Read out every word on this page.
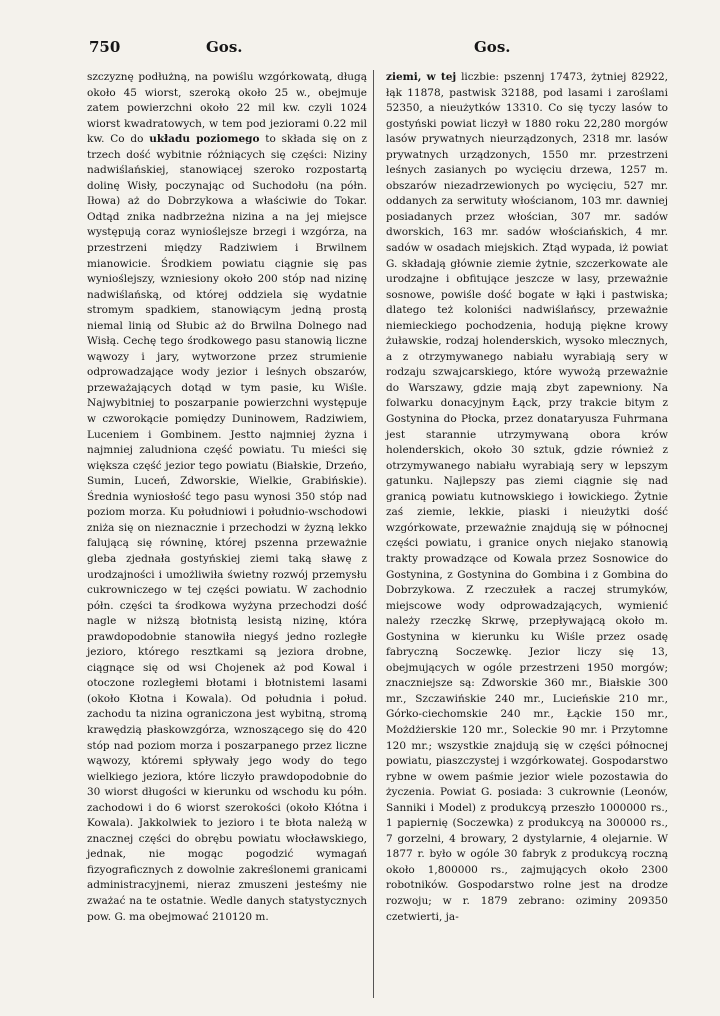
750	Gos.	Gos.

szczyznę podłużną, na powiślu wzgórkowatą, długą około 45 wiorst, szeroką około 25 w., obejmuje zatem powierzchni około 22 mil kw. czyli 1024 wiorst kwadratowych, w tem pod jeziorami 0.22 mil kw. Co do układu poziomego to składa się on z trzech dość wybitnie różniących się części: Niziny nadwiślańskiej, stanowiącej szeroko rozpostartą dolinę Wisły, poczynając od Suchodołu (na półn. Iłowa) aż do Dobrzykowa a właściwie do Tokar. Odtąd znika nadbrzeżna nizina a na jej miejsce występują coraz wynioślejsze brzegi i wzgórza, na przestrzeni między Radziwiem i Brwilnem mianowicie. Środkiem powiatu ciągnie się pas wynioślejszy, wzniesiony około 200 stóp nad nizinę nadwiślańską, od której oddziela się wydatnie stromym spadkiem, stanowiącym jedną prostą niemal linią od Słubic aż do Brwilna Dolnego nad Wisłą. Cechę tego środkowego pasu stanowią liczne wąwozy i jary, wytworzone przez strumienie odprowadzające wody jezior i leśnych obszarów, przeważających dotąd w tym pasie, ku Wiśle. Najwybitniej to poszarpanie powierzchni występuje w czworokącie pomiędzy Duninowem, Radziwiem, Luceniem i Gombinem. Jestto najmniej żyzna i najmniej zaludniona część powiatu. Tu mieści się większa część jezior tego powiatu (Białskie, Drzeńo, Sumin, Luceń, Zdworskie, Wielkie, Grabińskie). Średnia wyniosłość tego pasu wynosi 350 stóp nad poziom morza. Ku południowi i południo-wschodowi zniża się on nieznacznie i przechodzi w żyzną lekko falującą się równinę, której pszenna przeważnie gleba zjednała gostyńskiej ziemi taką sławę z urodzajności i umożliwiła świetny rozwój przemysłu cukrowniczego w tej części powiatu. W zachodnio półn. części ta środkowa wyżyna przechodzi dość nagle w niższą błotnistą lesistą nizinę, która prawdopodobnie stanowiła niegyś jedno rozległe jezioro, którego resztkami są jeziora drobne, ciągnące się od wsi Chojenek aż pod Kowal i otoczone rozległemi błotami i błotnistemi lasami (około Kłotna i Kowala). Od południa i połud. zachodu ta nizina ograniczona jest wybitną, stromą krawędzią płaskowzgórza, wznoszącego się do 420 stóp nad poziom morza i poszarpanego przez liczne wąwozy, któremi spływały jego wody do tego wielkiego jeziora, które liczyło prawdopodobnie do 30 wiorst długości w kierunku od wschodu ku półn. zachodowi i do 6 wiorst szerokości (około Kłótna i Kowala). Jakkolwiek to jezioro i te błota należą w znacznej części do obrębu powiatu włocławskiego, jednak, nie mogąc pogodzić wymagań fizyograficznych z dowolnie zakreślonemi granicami administracyjnemi, nieraz zmuszeni jesteśmy nie zważać na te ostatnie. Wedle danych statystycznych pow. G. ma obejmować 210120 m.

ziemi, w tej liczbie: pszennj 17473, żytniej 82922, łąk 11878, pastwisk 32188, pod lasami i zaroślami 52350, a nieużytków 13310. Co się tyczy lasów to gostyński powiat liczył w 1880 roku 22,280 morgów lasów prywatnych nieurządzonych, 2318 mr. lasów prywatnych urządzonych, 1550 mr. przestrzeni leśnych zasianych po wycięciu drzewa, 1257 m. obszarów niezadrzewionych po wycięciu, 527 mr. oddanych za serwituty włościanom, 103 mr. dawniej posiadanych przez włościan, 307 mr. sadów dworskich, 163 mr. sadów włościańskich, 4 mr. sadów w osadach miejskich. Ztąd wypada, iż powiat G. składają głównie ziemie żytnie, szczerkowate ale urodzajne i obfitujące jeszcze w lasy, przeważnie sosnowe, powiśle dość bogate w łąki i pastwiska; dlatego też koloniści nadwiślańscy, przeważnie niemieckiego pochodzenia, hodują piękne krowy żuławskie, rodzaj holenderskich, wysoko mlecznych, a z otrzymywanego nabiału wyrabiają sery w rodzaju szwajcarskiego, które wywożą przeważnie do Warszawy, gdzie mają zbyt zapewniony. Na folwarku donacyjnym Łąck, przy trakcie bitym z Gostynina do Płocka, przez donataryusza Fuhrmana jest starannie utrzymywaną obora krów holenderskich, około 30 sztuk, gdzie również z otrzymywanego nabiału wyrabiają sery w lepszym gatunku. Najlepszy pas ziemi ciągnie się nad granicą powiatu kutnowskiego i łowickiego. Żytnie zaś ziemie, lekkie, piaski i nieużytki dość wzgórkowate, przeważnie znajdują się w północnej części powiatu, i granice onych niejako stanowią trakty prowadzące od Kowala przez Sosnowice do Gostynina, z Gostynina do Gombina i z Gombina do Dobrzykowa. Z rzeczułek a raczej strumyków, miejscowe wody odprowadzających, wymienić należy rzeczkę Skrwę, przepływającą około m. Gostynina w kierunku ku Wiśle przez osadę fabryczną Soczewkę. Jezior liczy się 13, obejmujących w ogóle przestrzeni 1950 morgów; znaczniejsze są: Zdworskie 360 mr., Białskie 300 mr., Szczawińskie 240 mr., Lucieńskie 210 mr., Górko-ciechomskie 240 mr., Łąckie 150 mr., Możdżierskie 120 mr., Soleckie 90 mr. i Przytomne 120 mr.; wszystkie znajdują się w części północnej powiatu, piaszczystej i wzgórkowatej. Gospodarstwo rybne w owem paśmie jezior wiele pozostawia do życzenia. Powiat G. posiada: 3 cukrownie (Leonów, Sanniki i Model) z produkcyą przeszło 1000000 rs., 1 papiernię (Soczewka) z produkcyą na 300000 rs., 7 gorzelni, 4 browary, 2 dystylarnie, 4 olejarnie. W 1877 r. było w ogóle 30 fabryk z produkcyą roczną około 1,800000 rs., zajmujących około 2300 robotników. Gospodarstwo rolne jest na drodze rozwoju; w r. 1879 zebrano: oziminy 209350 czetwierti, ja-
